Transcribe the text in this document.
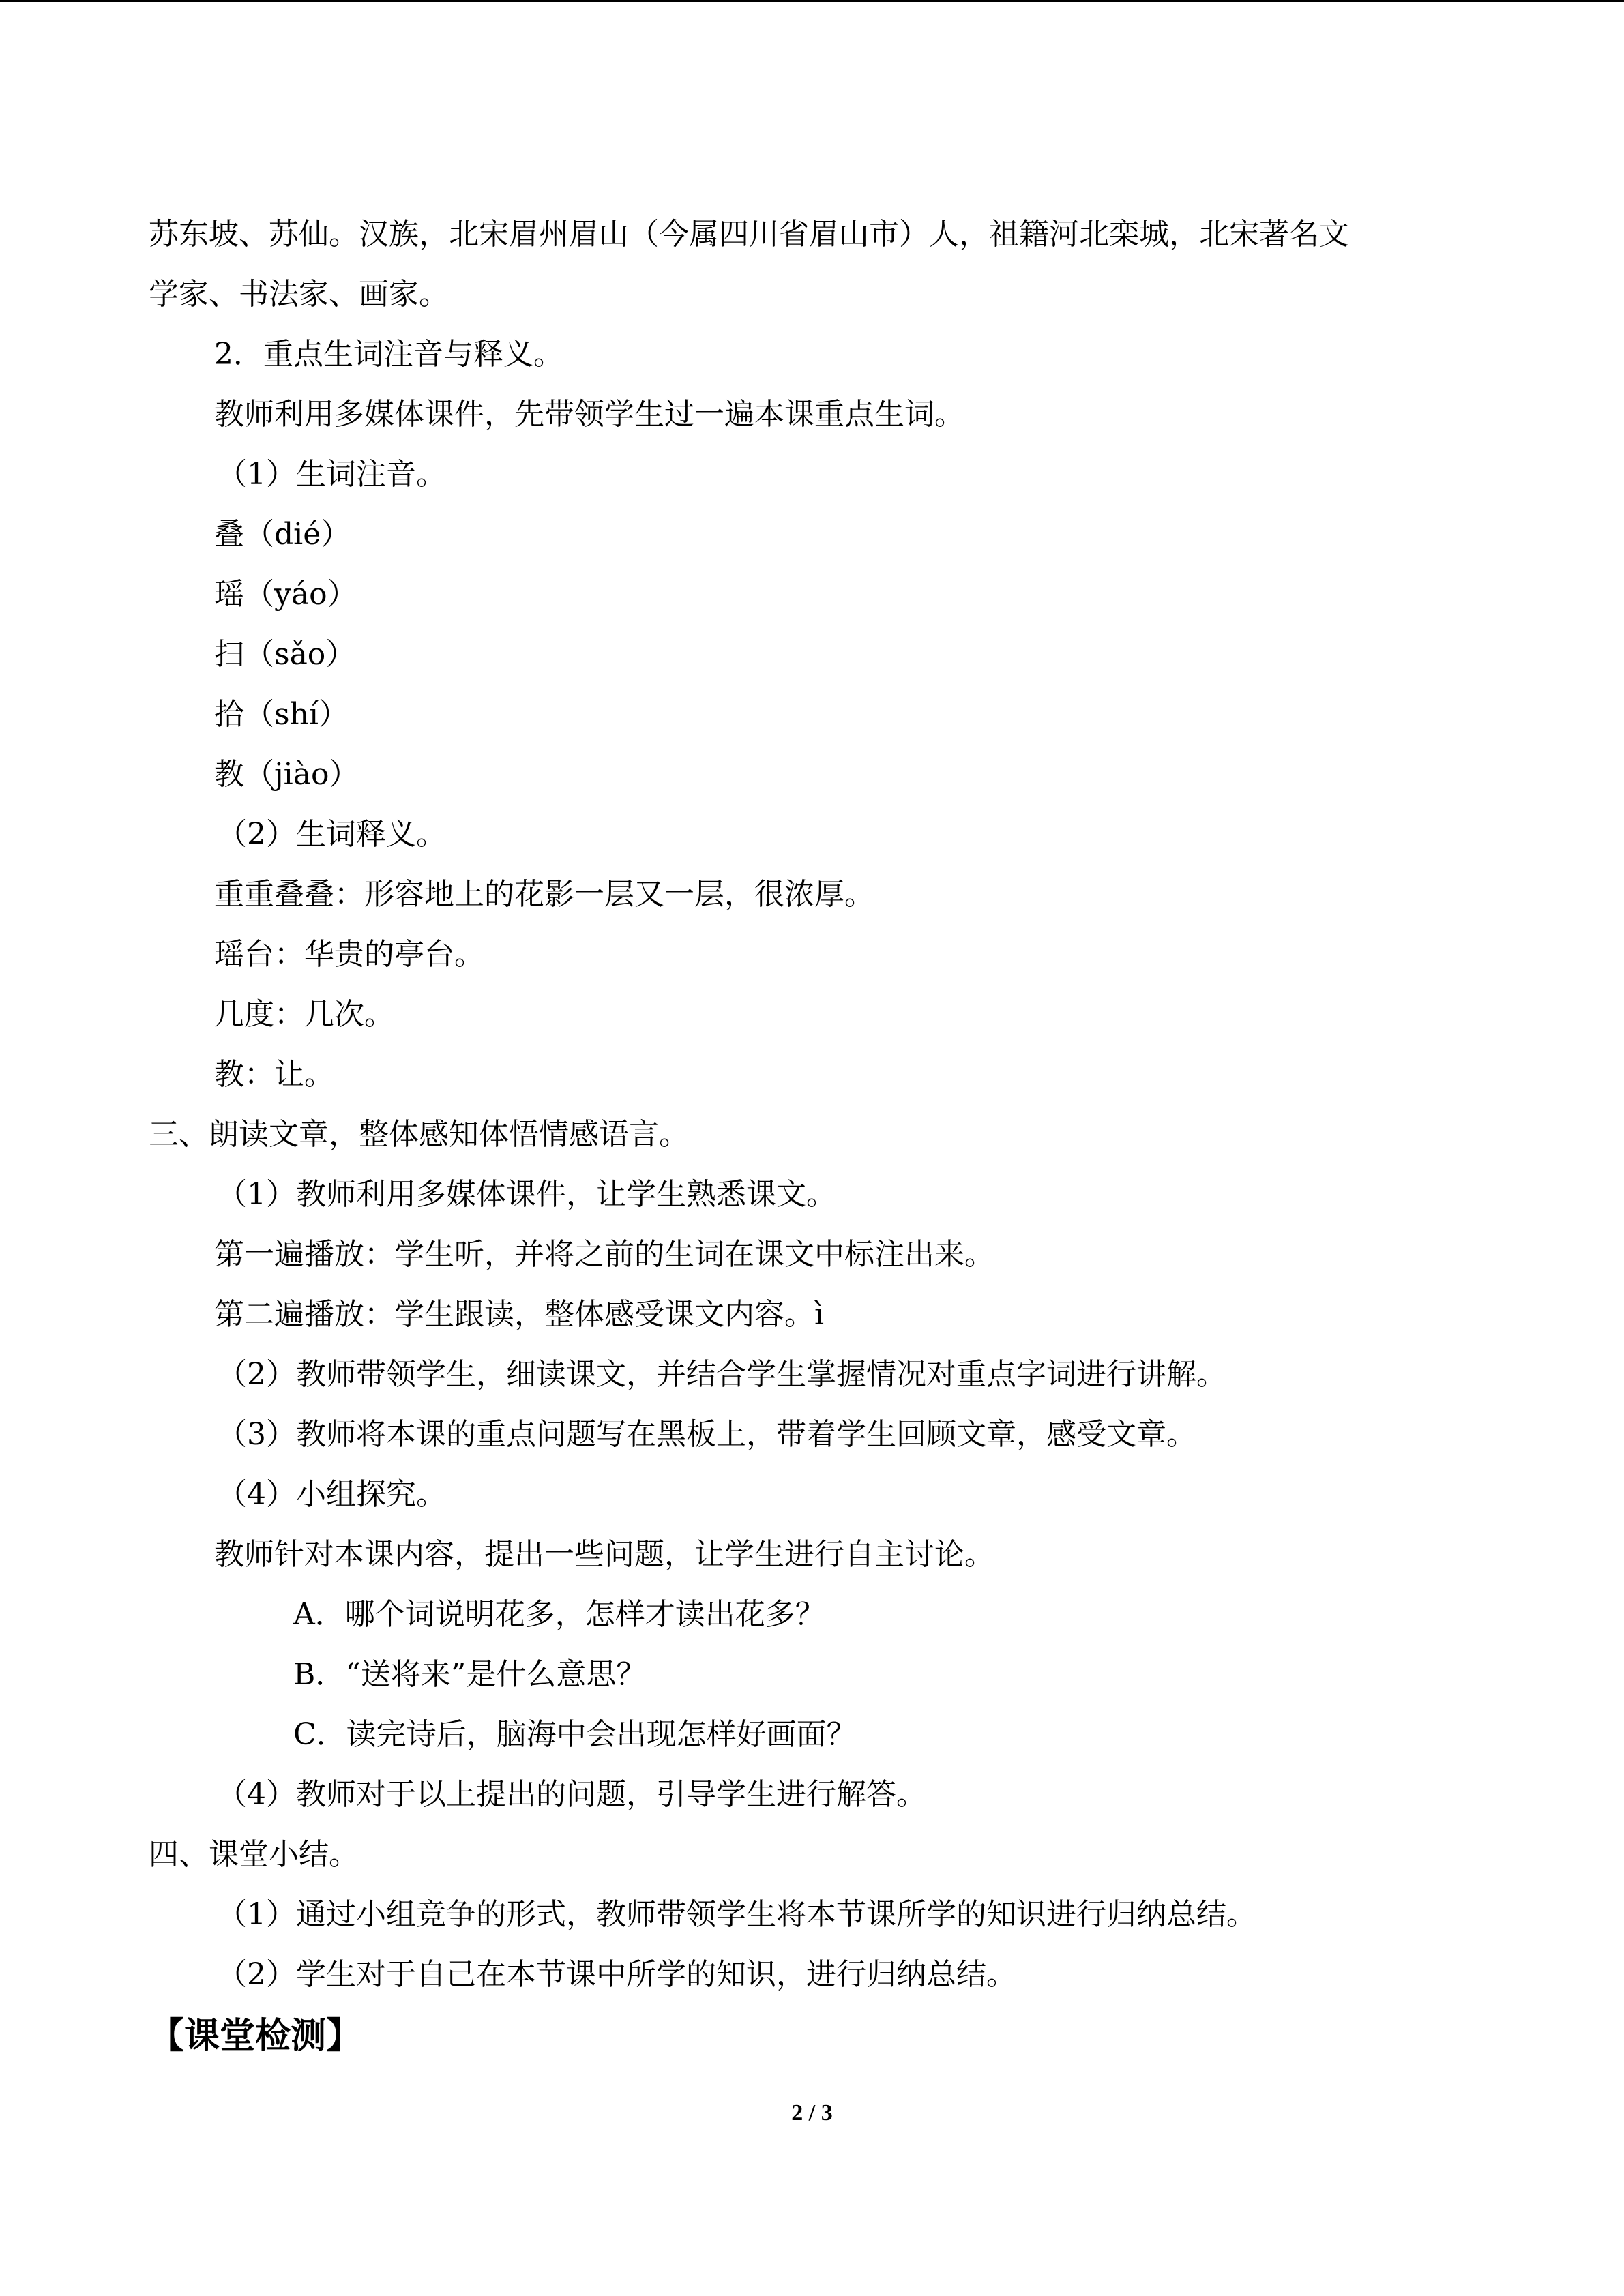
苏东坡、苏仙。汉族，北宋眉州眉山（今属四川省眉山市）人，祖籍河北栾城，北宋著名文
学家、书法家、画家。
2．重点生词注音与释义。
教师利用多媒体课件，先带领学生过一遍本课重点生词。
（1）生词注音。
叠（dié）
瑶（yáo）
扫（sǎo）
拾（shí）
教（jiào）
（2）生词释义。
重重叠叠：形容地上的花影一层又一层，很浓厚。
瑶台：华贵的亭台。
几度：几次。
教：让。
三、朗读文章，整体感知体悟情感语言。
（1）教师利用多媒体课件，让学生熟悉课文。
第一遍播放：学生听，并将之前的生词在课文中标注出来。
第二遍播放：学生跟读，整体感受课文内容。ì
（2）教师带领学生，细读课文，并结合学生掌握情况对重点字词进行讲解。
（3）教师将本课的重点问题写在黑板上，带着学生回顾文章，感受文章。
（4）小组探究。
教师针对本课内容，提出一些问题，让学生进行自主讨论。
A．哪个词说明花多，怎样才读出花多？
B．“送将来”是什么意思？
C．读完诗后，脑海中会出现怎样好画面？
（4）教师对于以上提出的问题，引导学生进行解答。
四、课堂小结。
（1）通过小组竞争的形式，教师带领学生将本节课所学的知识进行归纳总结。
（2）学生对于自己在本节课中所学的知识，进行归纳总结。
【课堂检测】
2 / 3
